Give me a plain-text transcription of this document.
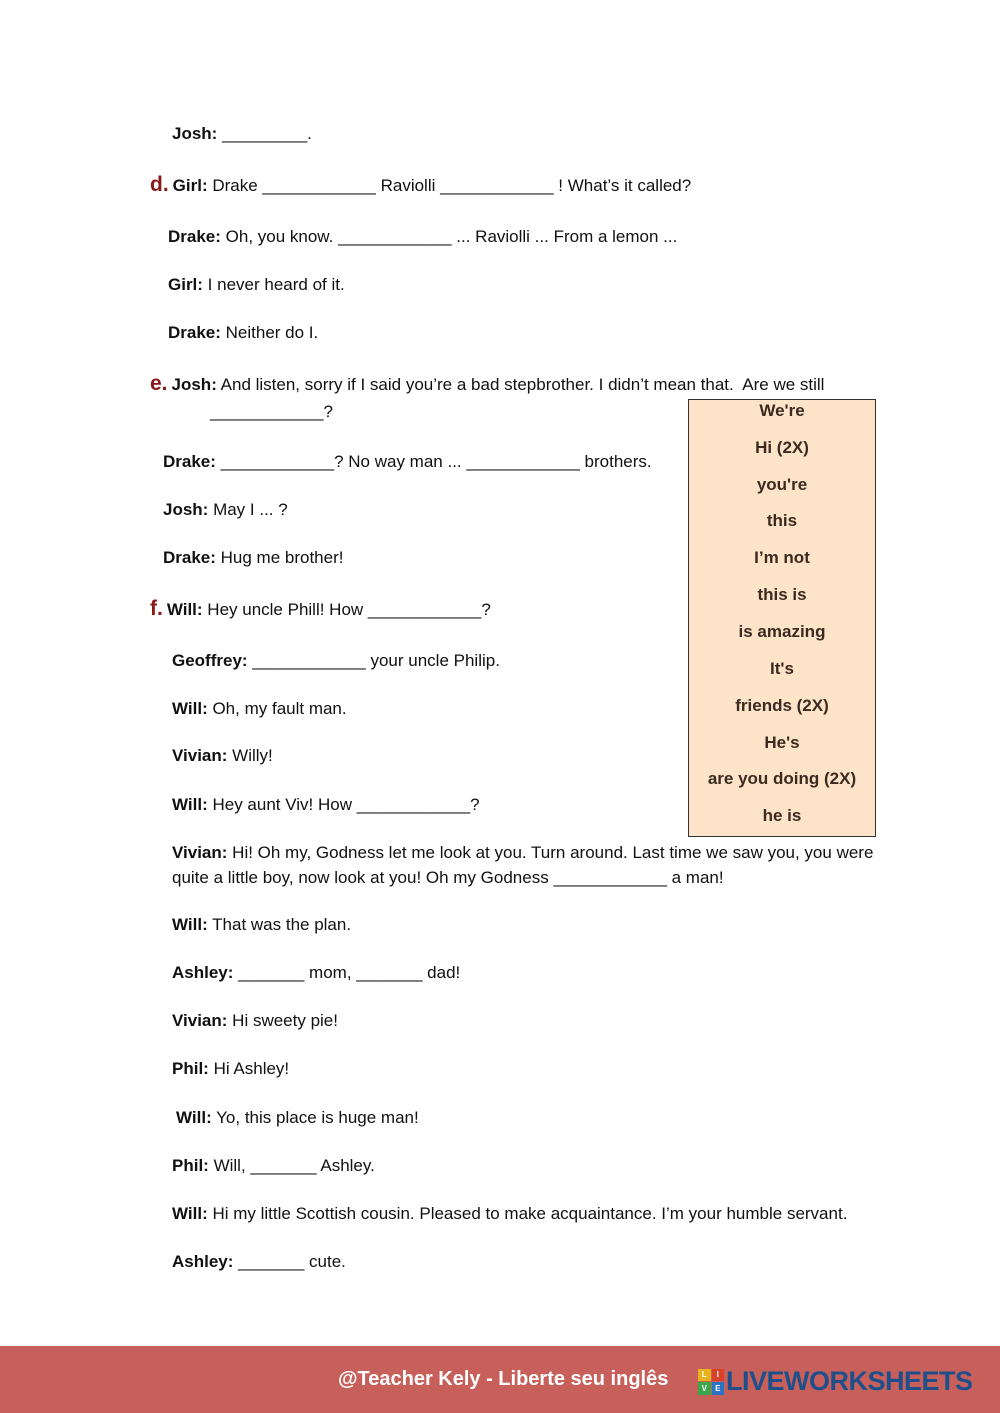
Josh: _________.
d. Girl: Drake ____________ Raviolli ____________ ! What’s it called?
Drake: Oh, you know. ____________ ... Raviolli ... From a lemon ...
Girl: I never heard of it.
Drake: Neither do I.
e. Josh: And listen, sorry if I said you’re a bad stepbrother. I didn’t mean that.  Are we still
____________?
Drake: ____________? No way man ... ____________ brothers.
Josh: May I ... ?
Drake: Hug me brother!
f. Will: Hey uncle Phill! How ____________?
Geoffrey: ____________ your uncle Philip.
Will: Oh, my fault man.
Vivian: Willy!
Will: Hey aunt Viv! How ____________?
Vivian: Hi! Oh my, Godness let me look at you. Turn around. Last time we saw you, you were
quite a little boy, now look at you! Oh my Godness ____________ a man!
Will: That was the plan.
Ashley: _______ mom, _______ dad!
Vivian: Hi sweety pie!
Phil: Hi Ashley!
Will: Yo, this place is huge man!
Phil: Will, _______ Ashley.
Will: Hi my little Scottish cousin. Pleased to make acquaintance. I’m your humble servant.
Ashley: _______ cute.
We're
Hi (2X)
you're
this
I’m not
this is
is amazing
It's
friends (2X)
He's
are you doing (2X)
he is
@Teacher Kely - Liberte seu inglês	L	I
V	E LIVEWORKSHEETS
